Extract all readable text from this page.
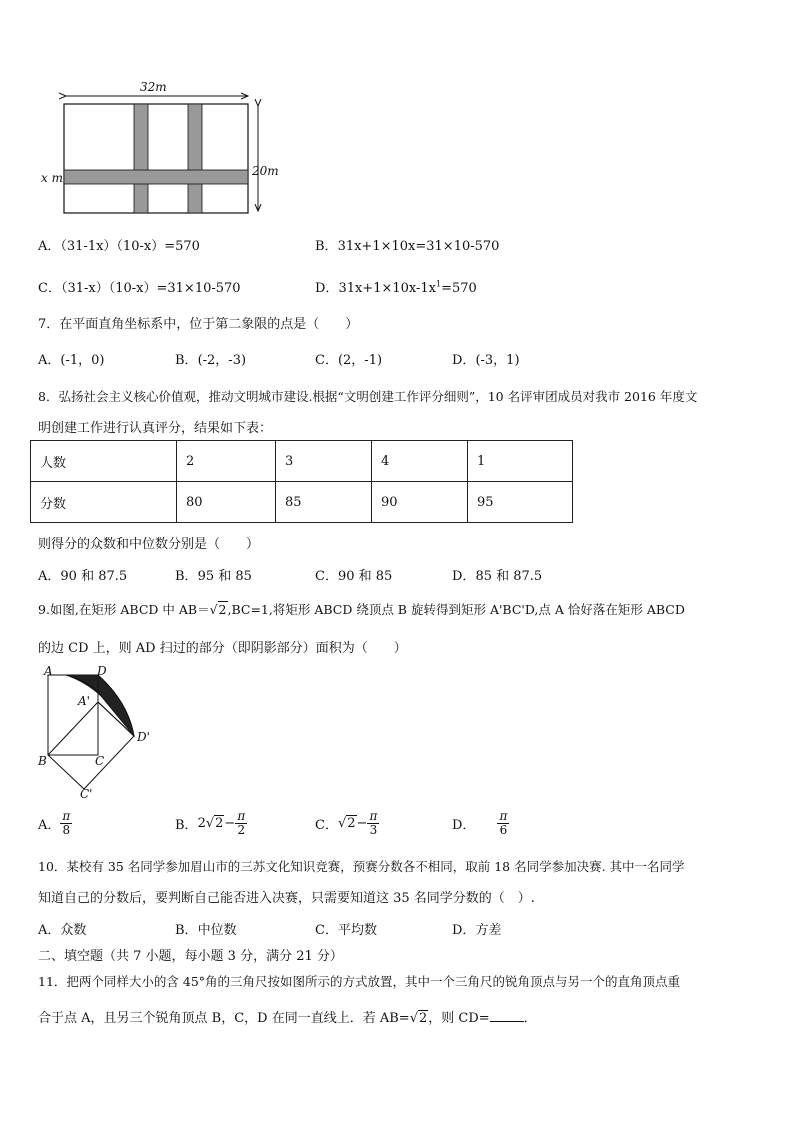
32m
20m
x m
A．（31-1x）（10-x）=570	B．31x+1×10x=31×10-570
C．（31-x）（10-x）=31×10-570	D．$31x+1\times 10x-1x^1=570$
7．在平面直角坐标系中，位于第二象限的点是（　　）
A．(-1，0)	B．(-2，-3)	C．(2，-1)	D．(-3，1)
8．弘扬社会主义核心价值观，推动文明城市建设.根据“文明创建工作评分细则”，10 名评审团成员对我市 2016 年度文
明创建工作进行认真评分，结果如下表：
人数	2	3	4	1
分数	80	85	90	95
则得分的众数和中位数分别是（　　）
A．90 和 87.5	B．95 和 85	C．90 和 85	D．85 和 87.5
9.如图,在矩形 ABCD 中 AB＝√2,BC=1,将矩形 ABCD 绕顶点 B 旋转得到矩形 A'BC'D,点 A 恰好落在矩形 ABCD
的边 CD 上，则 AD 扫过的部分（即阴影部分）面积为（　　）
A	D
A'
D'
B	C
C'
A． $\frac{\pi}{8}$	B．$2√2- \frac{\pi}{2}$	C．$√2- \frac{\pi}{3}$	D． $\frac{\pi}{6}$
10．某校有 35 名同学参加眉山市的三苏文化知识竞赛，预赛分数各不相同，取前 18 名同学参加决赛. 其中一名同学
知道自己的分数后，要判断自己能否进入决赛，只需要知道这 35 名同学分数的（　）.
A．众数	B．中位数	C．平均数	D．方差
二、填空题（共 7 小题，每小题 3 分，满分 21 分）
11．把两个同样大小的含 45°角的三角尺按如图所示的方式放置，其中一个三角尺的锐角顶点与另一个的直角顶点重
合于点 A，且另三个锐角顶点 B，C，D 在同一直线上．若 AB=√2，则 CD=	．
